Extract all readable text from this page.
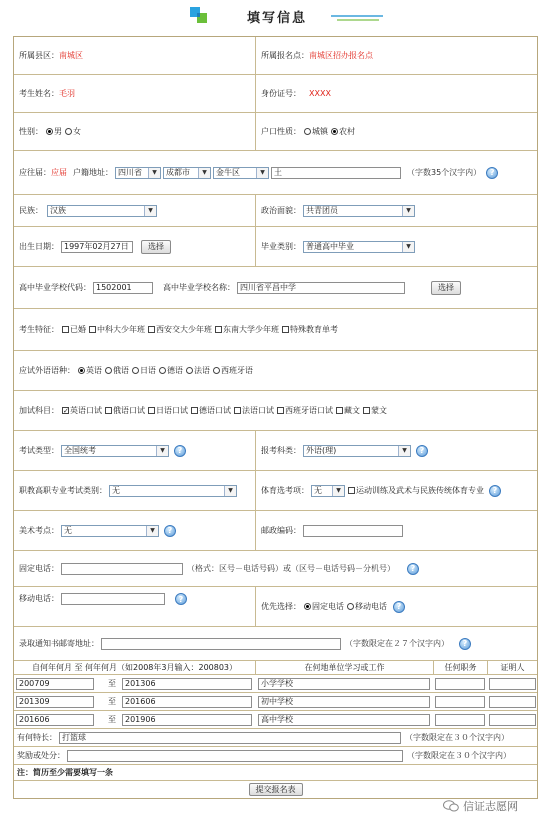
填写信息
所属县区： 南城区	所属报名点： 南城区招办报名点
考生姓名： 毛羽	身份证号： XXXX
性别： 男 女	户口性质： 城镇 农村
应往届： 应届 户籍地址： 四川省	▼	成都市	▼	金牛区	▼	土	（字数35个汉字内）	?
民族： 汉族	▼	政治面貌： 共青团员	▼
出生日期： 1997年02月27日	选择	毕业类别： 普通高中毕业	▼
高中毕业学校代码： 1502001	高中毕业学校名称： 四川省平昌中学	选择
考生特征： 已婚 中科大少年班 西安交大少年班 东南大学少年班 特殊教育单考
应试外语语种： 英语 俄语 日语 德语 法语 西班牙语
加试科目： ✓ 英语口试 俄语口试 日语口试 德语口试 法语口试 西班牙语口试 藏文 蒙文
考试类型： 全国统考	▼	?	报考科类： 外语(理)	▼	?
职教高职专业考试类别： 无	▼	体育选考项： 无	▼	运动训练及武术与民族传统体育专业	?
美术考点： 无	▼	?	邮政编码：
固定电话：	（格式：区号－电话号码）或（区号－电话号码－分机号）	?
移动电话：	?
优先选择： 固定电话 移动电话	?
录取通知书邮寄地址：	（字数限定在２７个汉字内）	?
自何年何月 至 何年何月（如2008年3月输入：200803）	在何地单位学习或工作	任何职务	证明人
200709	至	201306	小学学校
201309	至	201606	初中学校
201606	至	201906	高中学校
有何特长： 打篮球	（字数限定在３０个汉字内）
奖励或处分：	（字数限定在３０个汉字内）
注：简历至少需要填写一条
提交报名表
信证志愿网
